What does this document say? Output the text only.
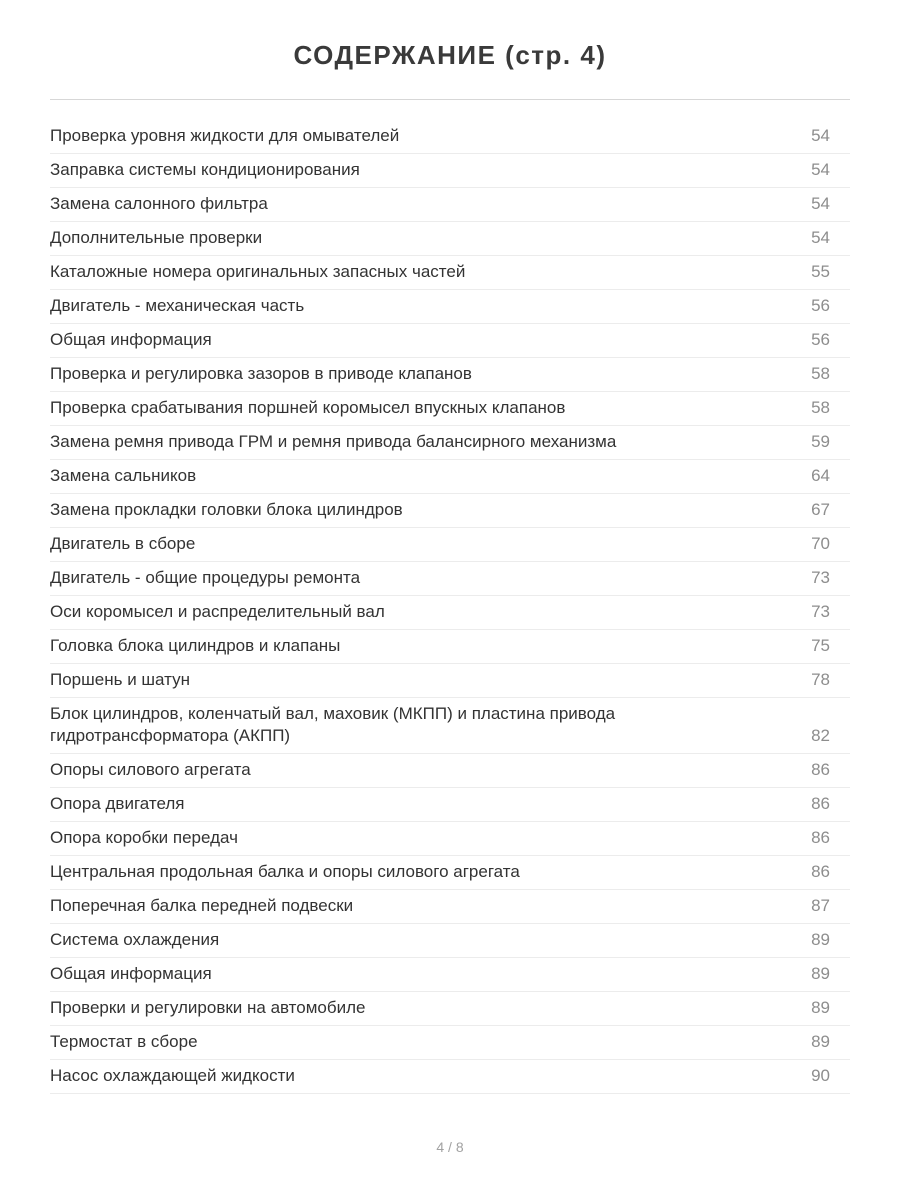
СОДЕРЖАНИЕ (стр. 4)
Проверка уровня жидкости для омывателей	54
Заправка системы кондиционирования	54
Замена салонного фильтра	54
Дополнительные проверки	54
Каталожные номера оригинальных запасных частей	55
Двигатель - механическая часть	56
Общая информация	56
Проверка и регулировка зазоров в приводе клапанов	58
Проверка срабатывания поршней коромысел впускных клапанов	58
Замена ремня привода ГРМ и ремня привода балансирного механизма	59
Замена сальников	64
Замена прокладки головки блока цилиндров	67
Двигатель в сборе	70
Двигатель - общие процедуры ремонта	73
Оси коромысел и распределительный вал	73
Головка блока цилиндров и клапаны	75
Поршень и шатун	78
Блок цилиндров, коленчатый вал, маховик (МКПП) и пластина привода гидротрансформатора (АКПП)	82
Опоры силового агрегата	86
Опора двигателя	86
Опора коробки передач	86
Центральная продольная балка и опоры силового агрегата	86
Поперечная балка передней подвески	87
Система охлаждения	89
Общая информация	89
Проверки и регулировки на автомобиле	89
Термостат в сборе	89
Насос охлаждающей жидкости	90
4 / 8
